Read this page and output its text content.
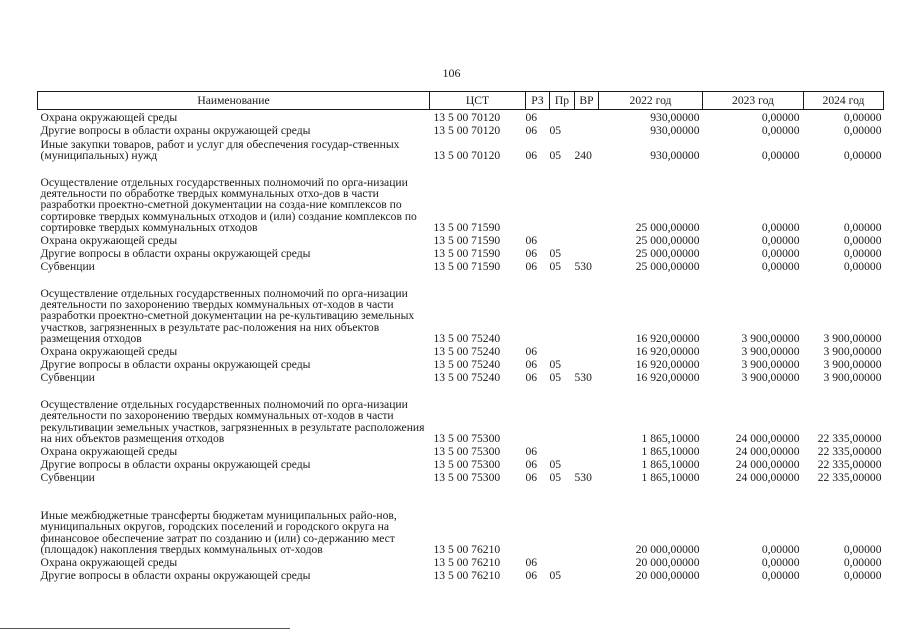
106
Наименование	ЦСТ	РЗ	Пр	ВР	2022 год	2023 год	2024 год
Охрана окружающей среды	13 5 00 70120	06			930,00000	0,00000	0,00000
Другие вопросы в области охраны окружающей среды	13 5 00 70120	06	05		930,00000	0,00000	0,00000
Иные закупки товаров, работ и услуг для обеспечения государ-ственных (муниципальных) нужд	13 5 00 70120	06	05	240	930,00000	0,00000	0,00000
Осуществление отдельных государственных полномочий по орга-низации деятельности по обработке твердых коммунальных отхо-дов в части разработки проектно-сметной документации на созда-ние комплексов по сортировке твердых коммунальных отходов и (или) создание комплексов по сортировке твердых коммунальных отходов	13 5 00 71590				25 000,00000	0,00000	0,00000
Охрана окружающей среды	13 5 00 71590	06			25 000,00000	0,00000	0,00000
Другие вопросы в области охраны окружающей среды	13 5 00 71590	06	05		25 000,00000	0,00000	0,00000
Субвенции	13 5 00 71590	06	05	530	25 000,00000	0,00000	0,00000
Осуществление отдельных государственных полномочий по орга-низации деятельности по захоронению твердых коммунальных от-ходов в части разработки проектно-сметной документации на ре-культивацию земельных участков, загрязненных в результате рас-положения на них объектов размещения отходов	13 5 00 75240				16 920,00000	3 900,00000	3 900,00000
Охрана окружающей среды	13 5 00 75240	06			16 920,00000	3 900,00000	3 900,00000
Другие вопросы в области охраны окружающей среды	13 5 00 75240	06	05		16 920,00000	3 900,00000	3 900,00000
Субвенции	13 5 00 75240	06	05	530	16 920,00000	3 900,00000	3 900,00000
Осуществление отдельных государственных полномочий по орга-низации деятельности по захоронению твердых коммунальных от-ходов в части рекультивации земельных участков, загрязненных в результате расположения на них объектов размещения отходов	13 5 00 75300				1 865,10000	24 000,00000	22 335,00000
Охрана окружающей среды	13 5 00 75300	06			1 865,10000	24 000,00000	22 335,00000
Другие вопросы в области охраны окружающей среды	13 5 00 75300	06	05		1 865,10000	24 000,00000	22 335,00000
Субвенции	13 5 00 75300	06	05	530	1 865,10000	24 000,00000	22 335,00000
Иные межбюджетные трансферты бюджетам муниципальных райо-нов, муниципальных округов, городских поселений и городского округа на финансовое обеспечение затрат по созданию и (или) со-держанию мест (площадок) накопления твердых коммунальных от-ходов	13 5 00 76210				20 000,00000	0,00000	0,00000
Охрана окружающей среды	13 5 00 76210	06			20 000,00000	0,00000	0,00000
Другие вопросы в области охраны окружающей среды	13 5 00 76210	06	05		20 000,00000	0,00000	0,00000
